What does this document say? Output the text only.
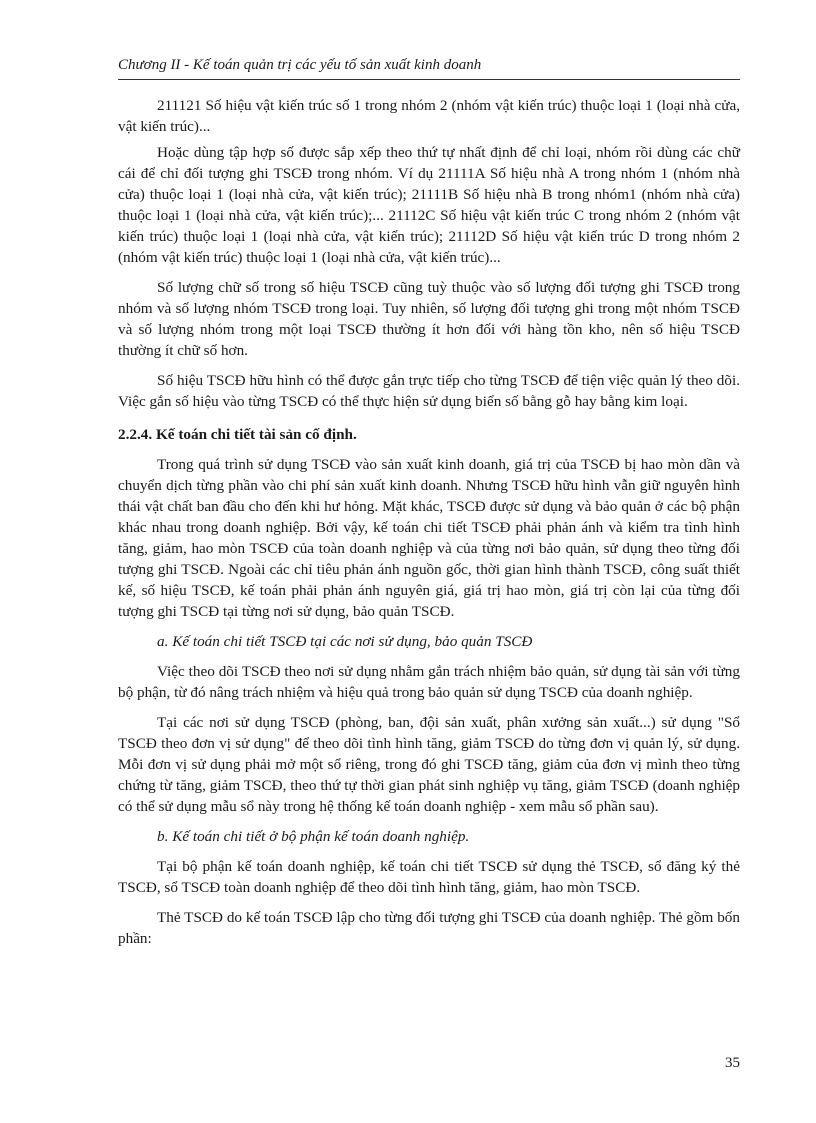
Chương II - Kế toán quản trị các yếu tố sản xuất kinh doanh

211121 Số hiệu vật kiến trúc số 1 trong nhóm 2 (nhóm vật kiến trúc) thuộc loại 1 (loại nhà cửa, vật kiến trúc)...

Hoặc dùng tập hợp số được sắp xếp theo thứ tự nhất định để chỉ loại, nhóm rồi dùng các chữ cái để chỉ đối tượng ghi TSCĐ trong nhóm. Ví dụ 21111A Số hiệu nhà A trong nhóm 1 (nhóm nhà cửa) thuộc loại 1 (loại nhà cửa, vật kiến trúc); 21111B Số hiệu nhà B trong nhóm1 (nhóm nhà cửa) thuộc loại 1 (loại nhà cửa, vật kiến trúc);... 21112C Số hiệu vật kiến trúc C trong nhóm 2 (nhóm vật kiến trúc) thuộc loại 1 (loại nhà cửa, vật kiến trúc); 21112D Số hiệu vật kiến trúc D trong nhóm 2 (nhóm vật kiến trúc) thuộc loại 1 (loại nhà cửa, vật kiến trúc)...

Số lượng chữ số trong số hiệu TSCĐ cũng tuỳ thuộc vào số lượng đối tượng ghi TSCĐ trong nhóm và số lượng nhóm TSCĐ trong loại. Tuy nhiên, số lượng đối tượng ghi trong một nhóm TSCĐ và số lượng nhóm trong một loại TSCĐ thường ít hơn đối với hàng tồn kho, nên số hiệu TSCĐ thường ít chữ số hơn.

Số hiệu TSCĐ hữu hình có thể được gắn trực tiếp cho từng TSCĐ để tiện việc quản lý theo dõi. Việc gắn số hiệu vào từng TSCĐ có thể thực hiện sử dụng biển số bằng gỗ hay bằng kim loại.

2.2.4. Kế toán chi tiết tài sản cố định.

Trong quá trình sử dụng TSCĐ vào sản xuất kinh doanh, giá trị của TSCĐ bị hao mòn dần và chuyển dịch từng phần vào chi phí sản xuất kinh doanh. Nhưng TSCĐ hữu hình vẫn giữ nguyên hình thái vật chất ban đầu cho đến khi hư hỏng. Mặt khác, TSCĐ được sử dụng và bảo quản ở các bộ phận khác nhau trong doanh nghiệp. Bởi vậy, kế toán chi tiết TSCĐ phải phản ánh và kiểm tra tình hình tăng, giảm, hao mòn TSCĐ của toàn doanh nghiệp và của từng nơi bảo quản, sử dụng theo từng đối tượng ghi TSCĐ. Ngoài các chỉ tiêu phản ánh nguồn gốc, thời gian hình thành TSCĐ, công suất thiết kế, số hiệu TSCĐ, kế toán phải phản ánh nguyên giá, giá trị hao mòn, giá trị còn lại của từng đối tượng ghi TSCĐ tại từng nơi sử dụng, bảo quản TSCĐ.

a. Kế toán chi tiết TSCĐ tại các nơi sử dụng, bảo quản TSCĐ

Việc theo dõi TSCĐ theo nơi sử dụng nhằm gắn trách nhiệm bảo quản, sử dụng tài sản với từng bộ phận, từ đó nâng trách nhiệm và hiệu quả trong bảo quản sử dụng TSCĐ của doanh nghiệp.

Tại các nơi sử dụng TSCĐ (phòng, ban, đội sản xuất, phân xưởng sản xuất...) sử dụng "Sổ TSCĐ theo đơn vị sử dụng" để theo dõi tình hình tăng, giảm TSCĐ do từng đơn vị quản lý, sử dụng. Mỗi đơn vị sử dụng phải mở một sổ riêng, trong đó ghi TSCĐ tăng, giảm của đơn vị mình theo từng chứng từ tăng, giảm TSCĐ, theo thứ tự thời gian phát sinh nghiệp vụ tăng, giảm TSCĐ (doanh nghiệp có thể sử dụng mẫu sổ này trong hệ thống kế toán doanh nghiệp - xem mẫu sổ phần sau).

b. Kế toán chi tiết ở bộ phận kế toán doanh nghiệp.

Tại bộ phận kế toán doanh nghiệp, kế toán chi tiết TSCĐ sử dụng thẻ TSCĐ, sổ đăng ký thẻ TSCĐ, sổ TSCĐ toàn doanh nghiệp để theo dõi tình hình tăng, giảm, hao mòn TSCĐ.

Thẻ TSCĐ do kế toán TSCĐ lập cho từng đối tượng ghi TSCĐ của doanh nghiệp. Thẻ gồm bốn phần:

35
